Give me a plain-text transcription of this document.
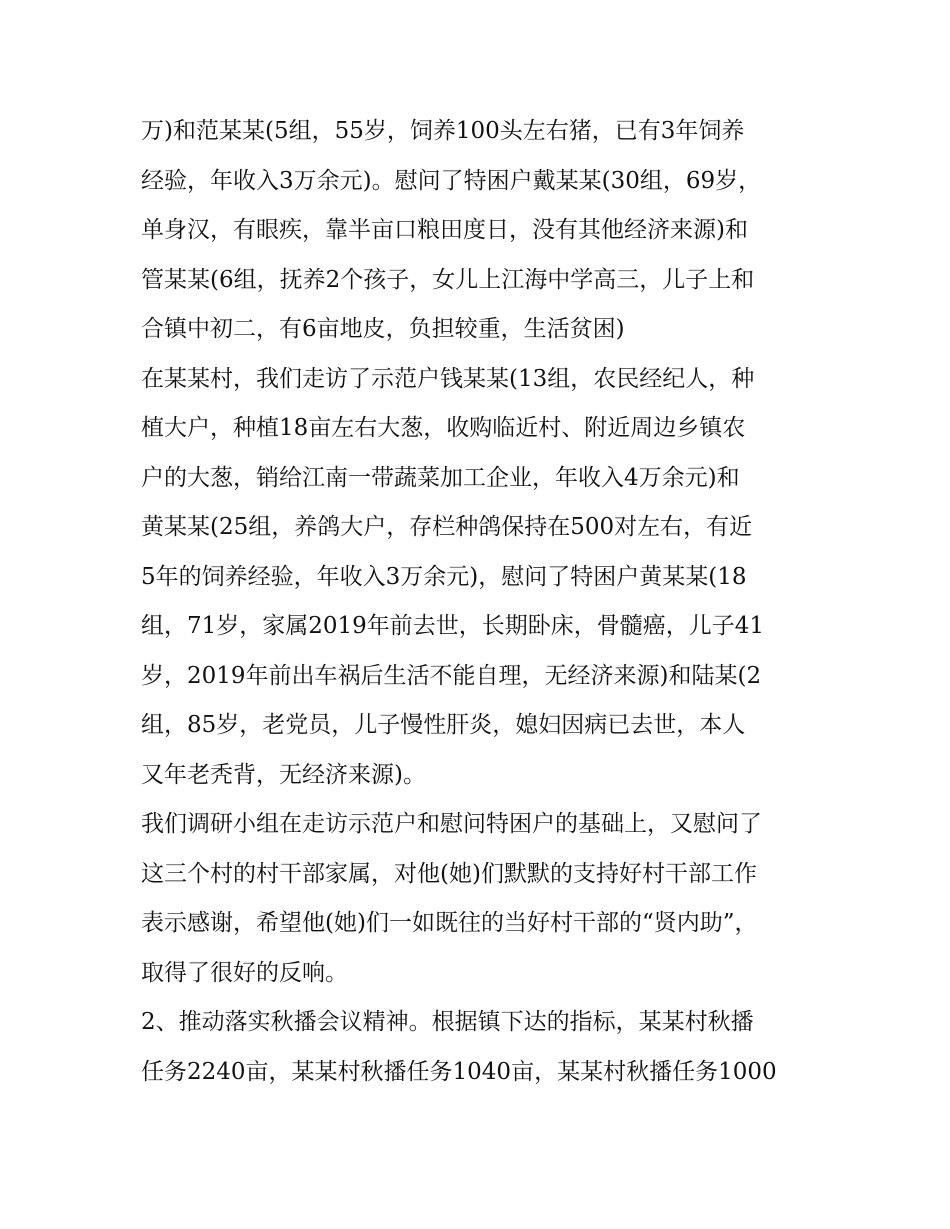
万)和范某某(5组，55岁，饲养100头左右猪，已有3年饲养
经验，年收入3万余元)。慰问了特困户戴某某(30组，69岁，
单身汉，有眼疾，靠半亩口粮田度日，没有其他经济来源)和
管某某(6组，抚养2个孩子，女儿上江海中学高三，儿子上和
合镇中初二，有6亩地皮，负担较重，生活贫困)
在某某村，我们走访了示范户钱某某(13组，农民经纪人，种
植大户，种植18亩左右大葱，收购临近村、附近周边乡镇农
户的大葱，销给江南一带蔬菜加工企业，年收入4万余元)和
黄某某(25组，养鸽大户，存栏种鸽保持在500对左右，有近
5年的饲养经验，年收入3万余元)，慰问了特困户黄某某(18
组，71岁，家属2019年前去世，长期卧床，骨髓癌，儿子41
岁，2019年前出车祸后生活不能自理，无经济来源)和陆某(2
组，85岁，老党员，儿子慢性肝炎，媳妇因病已去世，本人
又年老秃背，无经济来源)。
我们调研小组在走访示范户和慰问特困户的基础上，又慰问了
这三个村的村干部家属，对他(她)们默默的支持好村干部工作
表示感谢，希望他(她)们一如既往的当好村干部的“贤内助”，
取得了很好的反响。
2、推动落实秋播会议精神。根据镇下达的指标，某某村秋播
任务2240亩，某某村秋播任务1040亩，某某村秋播任务1000
